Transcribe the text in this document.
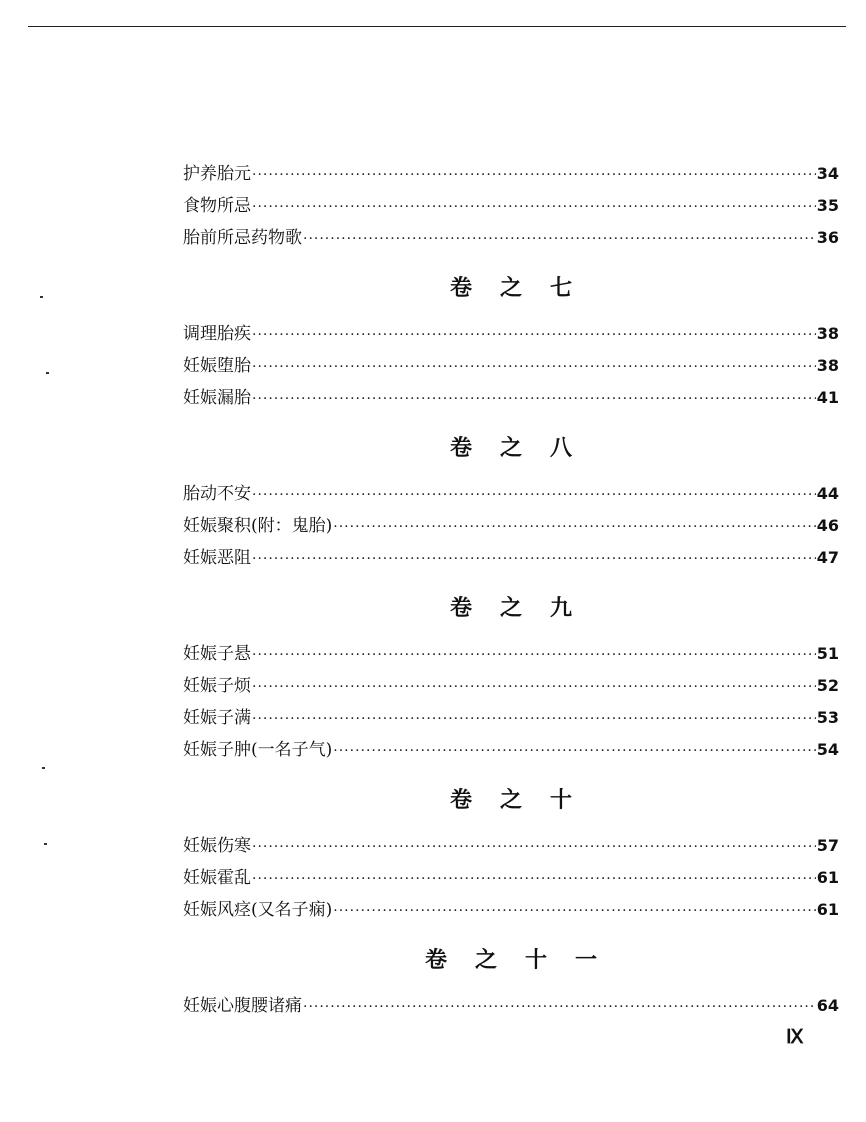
护养胎元 ·····	34
食物所忌 ·····	35
胎前所忌药物歌 ·····	36
卷之七
调理胎疾 ·····	38
妊娠堕胎 ·····	38
妊娠漏胎 ·····	41
卷之八
胎动不安 ·····	44
妊娠聚积(附：鬼胎) ·····	46
妊娠恶阻 ·····	47
卷之九
妊娠子悬 ·····	51
妊娠子烦 ·····	52
妊娠子满 ·····	53
妊娠子肿(一名子气) ·····	54
卷之十
妊娠伤寒 ·····	57
妊娠霍乱 ·····	61
妊娠风痉(又名子痫) ·····	61
卷之十一
妊娠心腹腰诸痛 ·····	64
Ⅸ
